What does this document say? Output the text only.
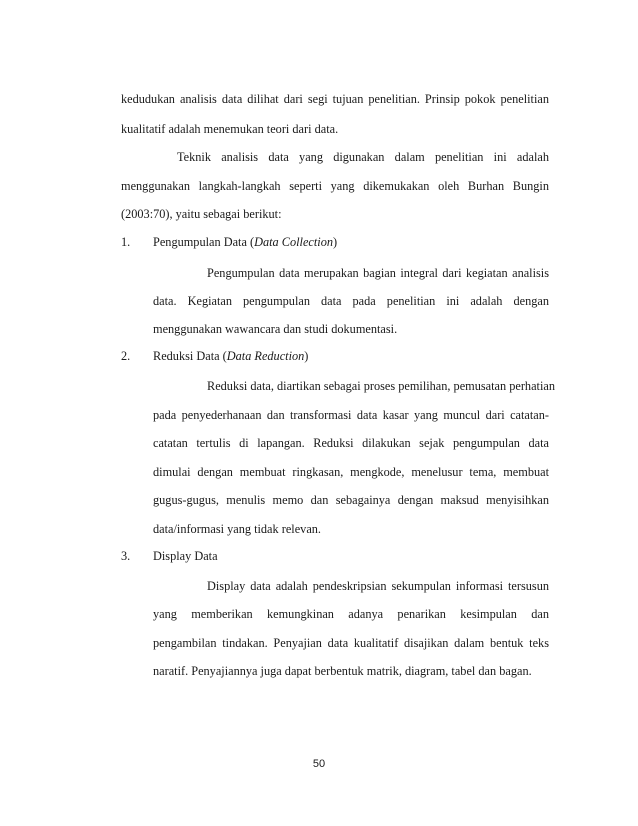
kedudukan analisis data dilihat dari segi tujuan penelitian. Prinsip pokok penelitian
kualitatif adalah menemukan teori dari data.
Teknik analisis data yang digunakan dalam penelitian ini adalah
menggunakan langkah-langkah seperti yang dikemukakan oleh Burhan Bungin
(2003:70), yaitu sebagai berikut:
1. Pengumpulan Data (Data Collection)
Pengumpulan data merupakan bagian integral dari kegiatan analisis
data. Kegiatan pengumpulan data pada penelitian ini adalah dengan
menggunakan wawancara dan studi dokumentasi.
2. Reduksi Data (Data Reduction)
Reduksi data, diartikan sebagai proses pemilihan, pemusatan perhatian
pada penyederhanaan dan transformasi data kasar yang muncul dari catatan-
catatan tertulis di lapangan. Reduksi dilakukan sejak pengumpulan data
dimulai dengan membuat ringkasan, mengkode, menelusur tema, membuat
gugus-gugus, menulis memo dan sebagainya dengan maksud menyisihkan
data/informasi yang tidak relevan.
3. Display Data
Display data adalah pendeskripsian sekumpulan informasi tersusun
yang memberikan kemungkinan adanya penarikan kesimpulan dan
pengambilan tindakan. Penyajian data kualitatif disajikan dalam bentuk teks
naratif. Penyajiannya juga dapat berbentuk matrik, diagram, tabel dan bagan.
50
